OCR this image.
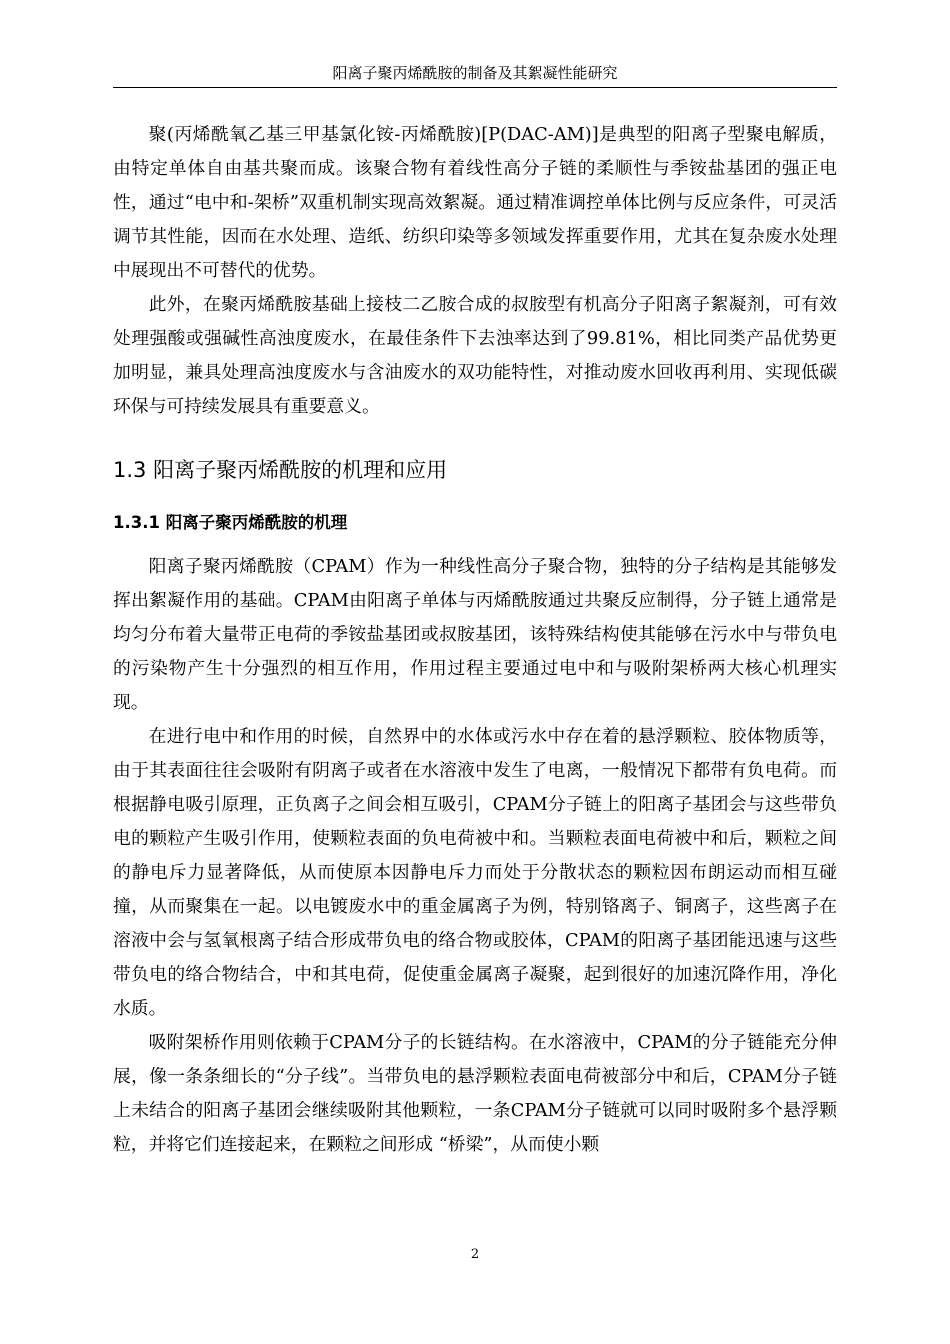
阳离子聚丙烯酰胺的制备及其絮凝性能研究

聚(丙烯酰氧乙基三甲基氯化铵-丙烯酰胺)[P(DAC-AM)]是典型的阳离子型聚电解质，由特定单体自由基共聚而成。该聚合物有着线性高分子链的柔顺性与季铵盐基团的强正电性，通过“电中和-架桥”双重机制实现高效絮凝。通过精准调控单体比例与反应条件，可灵活调节其性能，因而在水处理、造纸、纺织印染等多领域发挥重要作用，尤其在复杂废水处理中展现出不可替代的优势。

此外，在聚丙烯酰胺基础上接枝二乙胺合成的叔胺型有机高分子阳离子絮凝剂，可有效处理强酸或强碱性高浊度废水，在最佳条件下去浊率达到了99.81%，相比同类产品优势更加明显，兼具处理高浊度废水与含油废水的双功能特性，对推动废水回收再利用、实现低碳环保与可持续发展具有重要意义。

1.3 阳离子聚丙烯酰胺的机理和应用
1.3.1 阳离子聚丙烯酰胺的机理

阳离子聚丙烯酰胺（CPAM）作为一种线性高分子聚合物，独特的分子结构是其能够发挥出絮凝作用的基础。CPAM由阳离子单体与丙烯酰胺通过共聚反应制得，分子链上通常是均匀分布着大量带正电荷的季铵盐基团或叔胺基团，该特殊结构使其能够在污水中与带负电的污染物产生十分强烈的相互作用，作用过程主要通过电中和与吸附架桥两大核心机理实现。

在进行电中和作用的时候，自然界中的水体或污水中存在着的悬浮颗粒、胶体物质等，由于其表面往往会吸附有阴离子或者在水溶液中发生了电离，一般情况下都带有负电荷。而根据静电吸引原理，正负离子之间会相互吸引，CPAM分子链上的阳离子基团会与这些带负电的颗粒产生吸引作用，使颗粒表面的负电荷被中和。当颗粒表面电荷被中和后，颗粒之间的静电斥力显著降低，从而使原本因静电斥力而处于分散状态的颗粒因布朗运动而相互碰撞，从而聚集在一起。以电镀废水中的重金属离子为例，特别铬离子、铜离子，这些离子在溶液中会与氢氧根离子结合形成带负电的络合物或胶体，CPAM的阳离子基团能迅速与这些带负电的络合物结合，中和其电荷，促使重金属离子凝聚，起到很好的加速沉降作用，净化水质。

吸附架桥作用则依赖于CPAM分子的长链结构。在水溶液中，CPAM的分子链能充分伸展，像一条条细长的“分子线”。当带负电的悬浮颗粒表面电荷被部分中和后，CPAM分子链上未结合的阳离子基团会继续吸附其他颗粒，一条CPAM分子链就可以同时吸附多个悬浮颗粒，并将它们连接起来，在颗粒之间形成 “桥梁”，从而使小颗

2
